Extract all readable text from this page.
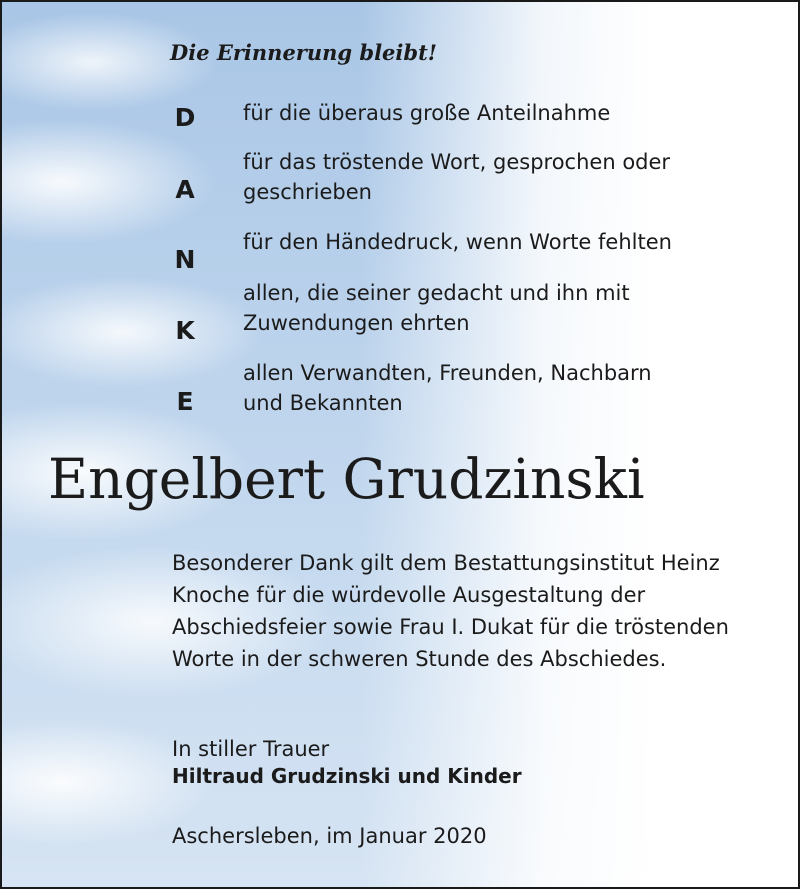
Die Erinnerung bleibt!
D
A
N
K
E
für die überaus große Anteilnahme
für das tröstende Wort, gesprochen oder
geschrieben
für den Händedruck, wenn Worte fehlten
allen, die seiner gedacht und ihn mit
Zuwendungen ehrten
allen Verwandten, Freunden, Nachbarn
und Bekannten
Engelbert Grudzinski
Besonderer Dank gilt dem Bestattungsinstitut Heinz Knoche für die würdevolle Ausgestaltung der Abschiedsfeier sowie Frau I. Dukat für die tröstenden Worte in der schweren Stunde des Abschiedes.
In stiller Trauer
Hiltraud Grudzinski und Kinder
Aschersleben, im Januar 2020
